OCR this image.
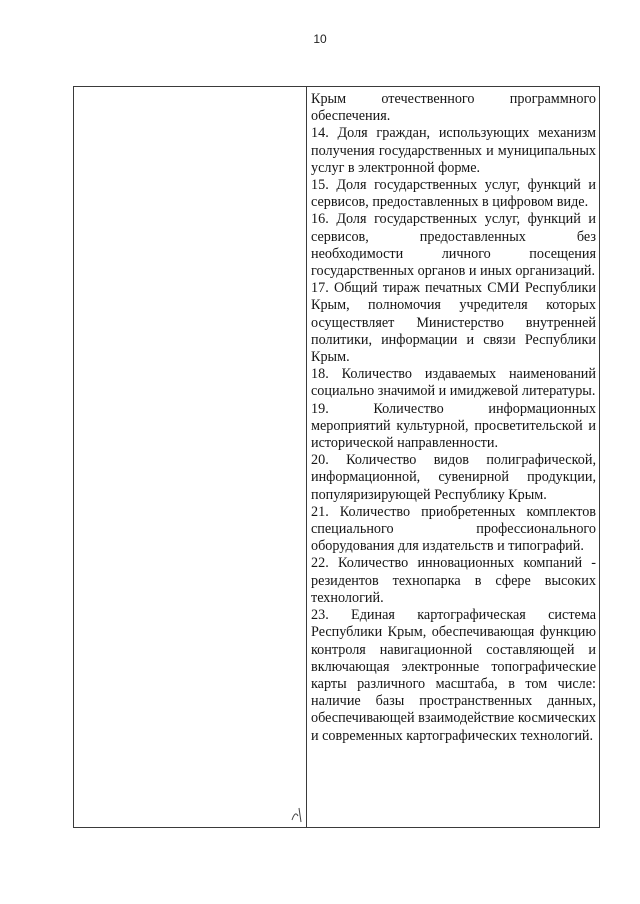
10

Крым отечественного программного обеспечения.

14. Доля граждан, использующих механизм получения государственных и муниципальных услуг в электронной форме.

15. Доля государственных услуг, функций и сервисов, предоставленных в цифровом виде.

16. Доля государственных услуг, функций и сервисов, предоставленных без необходимости личного посещения государственных органов и иных организаций.

17. Общий тираж печатных СМИ Республики Крым, полномочия учредителя которых осуществляет Министерство внутренней политики, информации и связи Республики Крым.

18. Количество издаваемых наименований социально значимой и имиджевой литературы.

19. Количество информационных мероприятий культурной, просветительской и исторической направленности.

20. Количество видов полиграфической, информационной, сувенирной продукции, популяризирующей Республику Крым.

21. Количество приобретенных комплектов специального профессионального оборудования для издательств и типографий.

22. Количество инновационных компаний - резидентов технопарка в сфере высоких технологий.

23. Единая картографическая система Республики Крым, обеспечивающая функцию контроля навигационной составляющей и включающая электронные топографические карты различного масштаба, в том числе: наличие базы пространственных данных, обеспечивающей взаимодействие космических и современных картографических технологий.
